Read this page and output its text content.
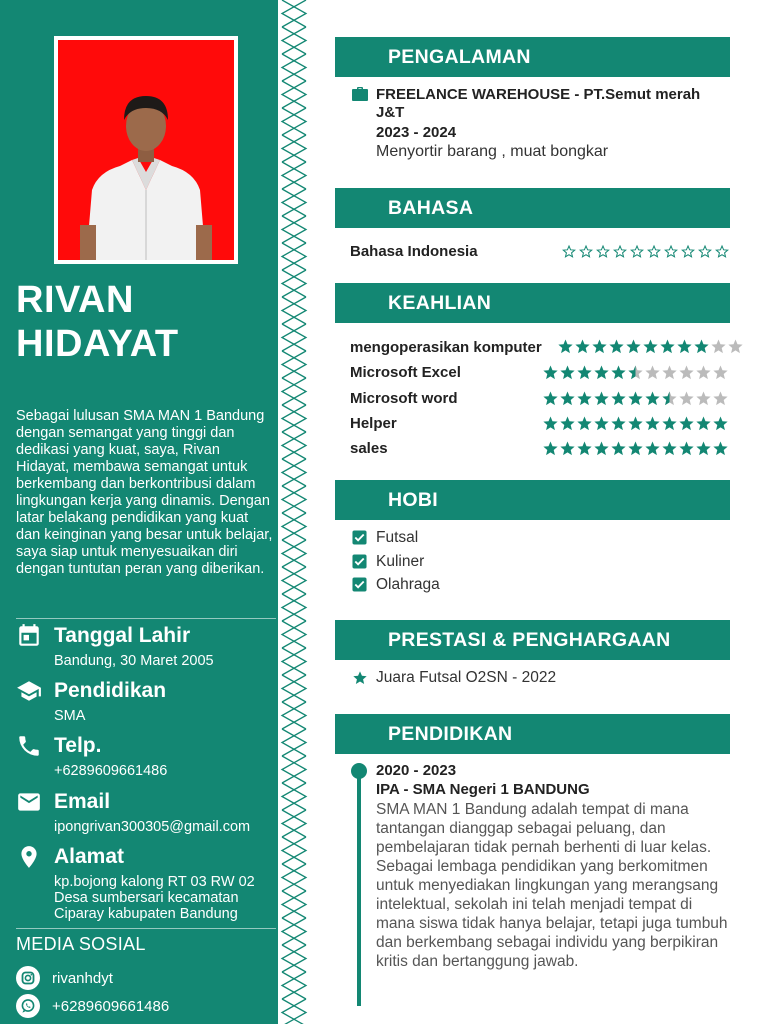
RIVAN HIDAYAT
Sebagai lulusan SMA MAN 1 Bandung dengan semangat yang tinggi dan dedikasi yang kuat, saya, Rivan Hidayat, membawa semangat untuk berkembang dan berkontribusi dalam lingkungan kerja yang dinamis. Dengan latar belakang pendidikan yang kuat dan keinginan yang besar untuk belajar, saya siap untuk menyesuaikan diri dengan tuntutan peran yang diberikan.
Tanggal Lahir
Bandung, 30 Maret 2005
Pendidikan
SMA
Telp.
+6289609661486
Email
ipongrivan300305@gmail.com
Alamat
kp.bojong kalong RT 03 RW 02 Desa sumbersari kecamatan Ciparay kabupaten Bandung
MEDIA SOSIAL
rivanhdyt
+6289609661486
PENGALAMAN
FREELANCE WAREHOUSE - PT.Semut merah J&T
2023 - 2024
Menyortir barang , muat bongkar
BAHASA
Bahasa Indonesia
KEAHLIAN
mengoperasikan komputer
Microsoft Excel
Microsoft word
Helper
sales
HOBI
Futsal
Kuliner
Olahraga
PRESTASI & PENGHARGAAN
Juara Futsal O2SN - 2022
PENDIDIKAN
2020 - 2023
IPA - SMA Negeri 1 BANDUNG
SMA MAN 1 Bandung adalah tempat di mana tantangan dianggap sebagai peluang, dan pembelajaran tidak pernah berhenti di luar kelas. Sebagai lembaga pendidikan yang berkomitmen untuk menyediakan lingkungan yang merangsang intelektual, sekolah ini telah menjadi tempat di mana siswa tidak hanya belajar, tetapi juga tumbuh dan berkembang sebagai individu yang berpikiran kritis dan bertanggung jawab.
